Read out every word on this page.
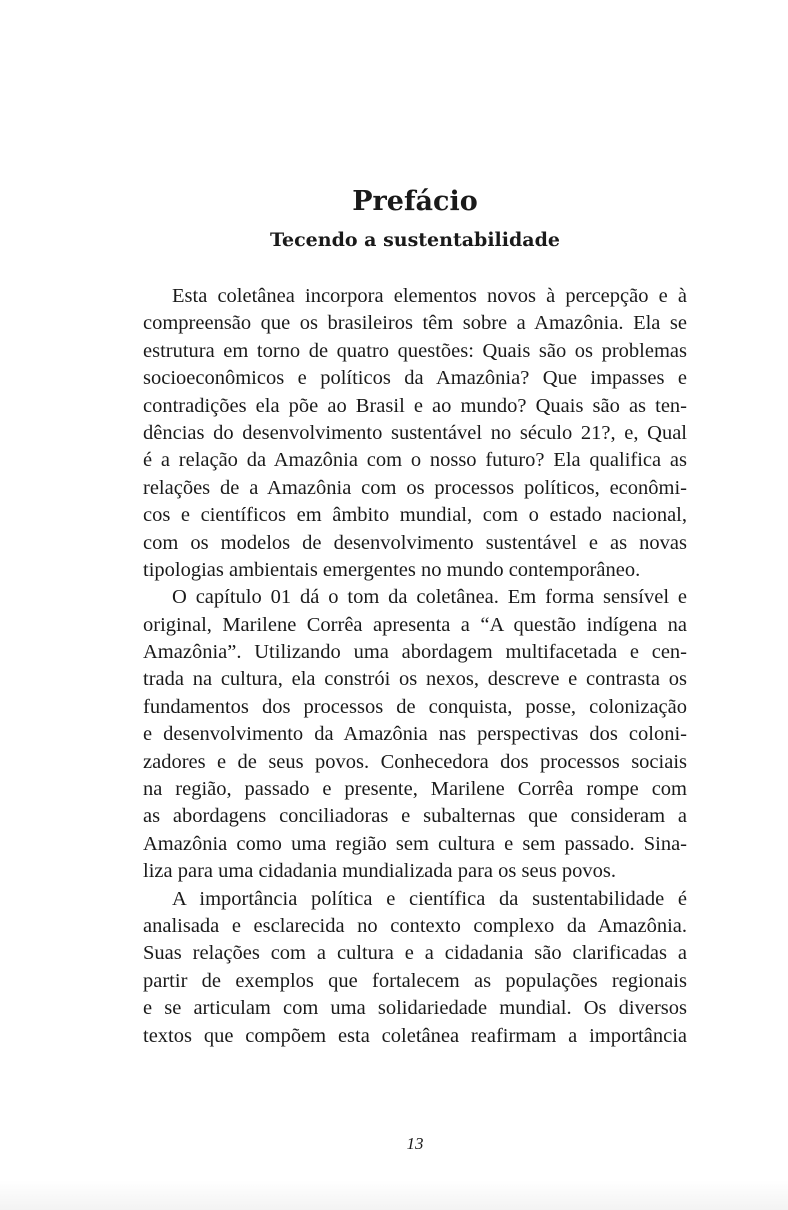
Prefácio
Tecendo a sustentabilidade
Esta coletânea incorpora elementos novos à percepção e à
compreensão que os brasileiros têm sobre a Amazônia. Ela se
estrutura em torno de quatro questões: Quais são os problemas
socioeconômicos e políticos da Amazônia? Que impasses e
contradições ela põe ao Brasil e ao mundo? Quais são as ten-
dências do desenvolvimento sustentável no século 21?, e, Qual
é a relação da Amazônia com o nosso futuro? Ela qualifica as
relações de a Amazônia com os processos políticos, econômi-
cos e científicos em âmbito mundial, com o estado nacional,
com os modelos de desenvolvimento sustentável e as novas
tipologias ambientais emergentes no mundo contemporâneo.
O capítulo 01 dá o tom da coletânea. Em forma sensível e
original, Marilene Corrêa apresenta a “A questão indígena na
Amazônia”. Utilizando uma abordagem multifacetada e cen-
trada na cultura, ela constrói os nexos, descreve e contrasta os
fundamentos dos processos de conquista, posse, colonização
e desenvolvimento da Amazônia nas perspectivas dos coloni-
zadores e de seus povos. Conhecedora dos processos sociais
na região, passado e presente, Marilene Corrêa rompe com
as abordagens conciliadoras e subalternas que consideram a
Amazônia como uma região sem cultura e sem passado. Sina-
liza para uma cidadania mundializada para os seus povos.
A importância política e científica da sustentabilidade é
analisada e esclarecida no contexto complexo da Amazônia.
Suas relações com a cultura e a cidadania são clarificadas a
partir de exemplos que fortalecem as populações regionais
e se articulam com uma solidariedade mundial. Os diversos
textos que compõem esta coletânea reafirmam a importância

13
